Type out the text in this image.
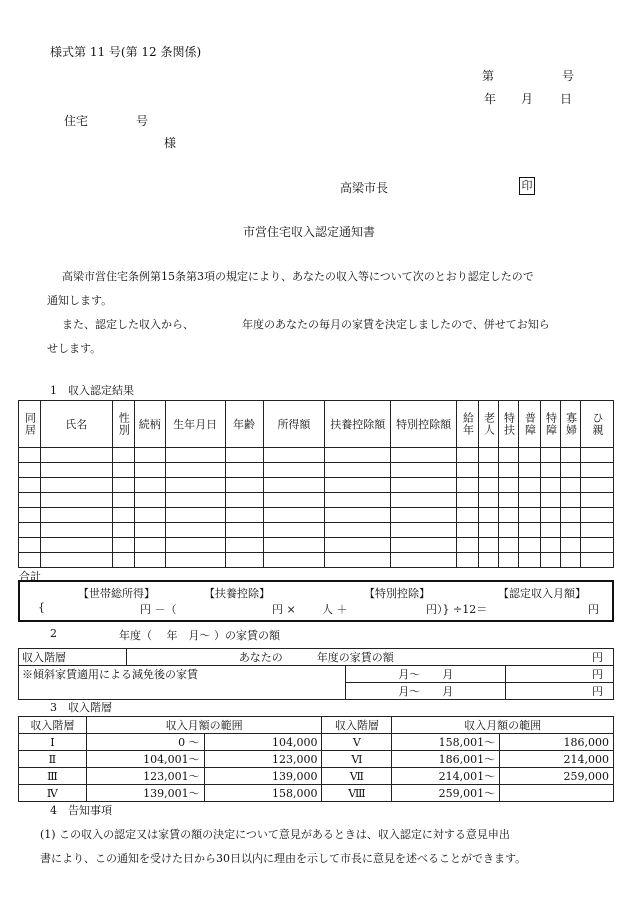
様式第 11 号(第 12 条関係)
第	号
年 月 日
住宅	号
様
高梁市長	印
市営住宅収入認定通知書
高梁市営住宅条例第15条第3項の規定により、あなたの収入等について次のとおり認定したので
通知します。
また、認定した収入から、	年度のあなたの毎月の家賃を決定しましたので、併せてお知ら
せします。
1　収入認定結果
同居	氏名	性別	続柄	生年月日	年齢	所得額	扶養控除額	特別控除額	給年	老人	特扶	普障	特障	寡婦	ひ親

合計
【世帯総所得】	【扶養控除】	【特別控除】	【認定収入月額】
{	円 －（	円 × 人 ＋	円）} ÷12＝	円
2	年度（　 年　月～ ）の家賃の額
収入階層	あなたの 年度の家賃の額 円		

※傾斜家賃適用による減免後の家賃		月～　　月	円
		月～　　月	円
3　収入階層
収入階層	収入月額の範囲		収入階層	収入月額の範囲	
Ⅰ	0 ～	104,000	Ⅴ	158,001～	186,000
Ⅱ	104,001～	123,000	Ⅵ	186,001～	214,000
Ⅲ	123,001～	139,000	Ⅶ	214,001～	259,000
Ⅳ	139,001～	158,000	Ⅷ	259,001～	
4　告知事項
(1) この収入の認定又は家賃の額の決定について意見があるときは、収入認定に対する意見申出
書により、この通知を受けた日から30日以内に理由を示して市長に意見を述べることができます。
